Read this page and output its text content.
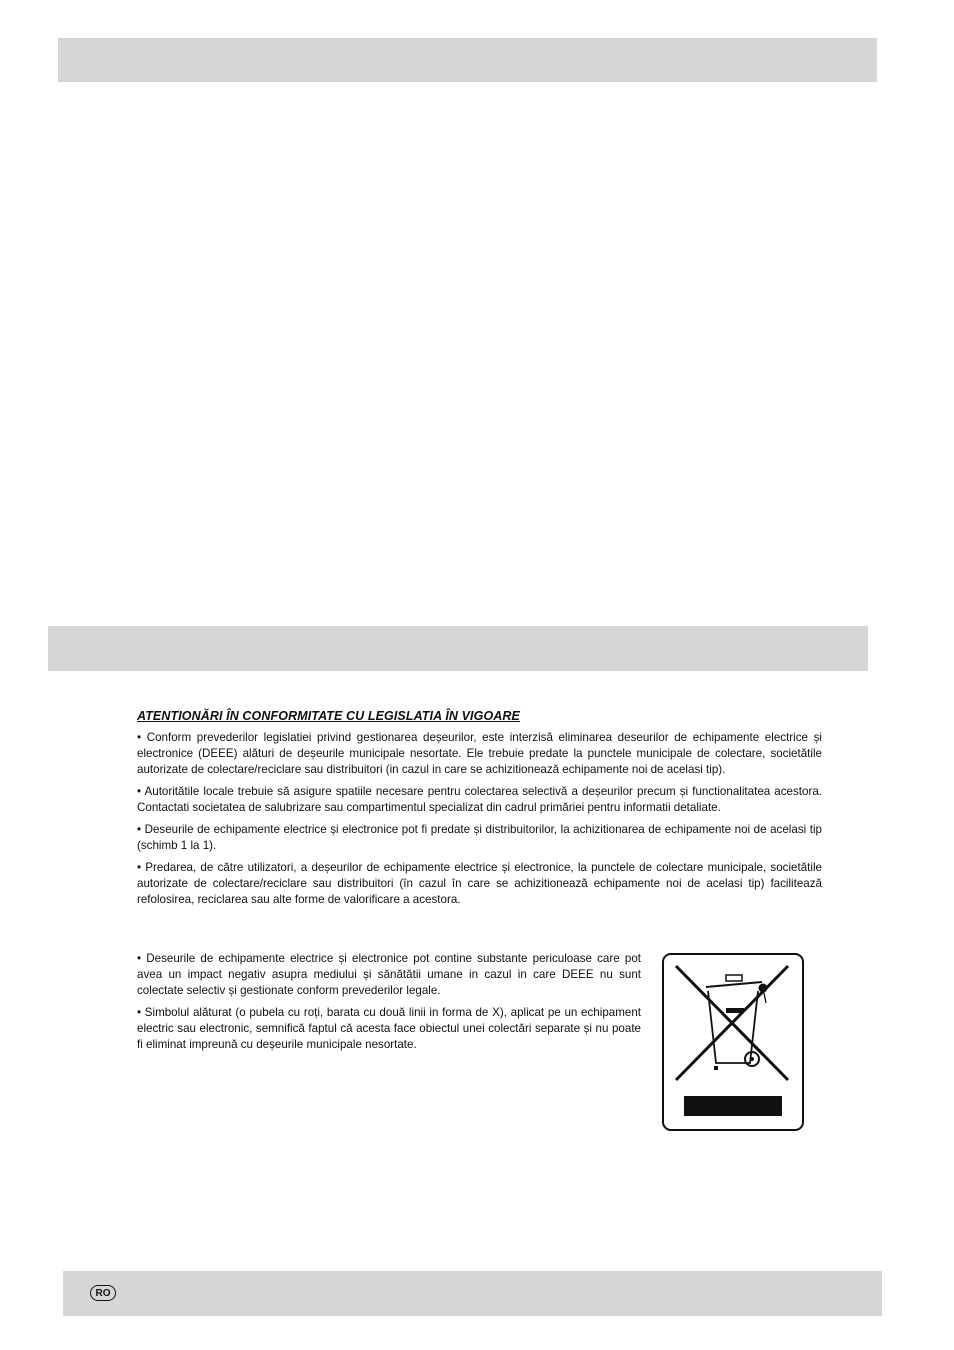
ATENTIONĂRI ÎN CONFORMITATE CU LEGISLATIA ÎN VIGOARE

• Conform prevederilor legislatiei privind gestionarea deșeurilor, este interzisă eliminarea deseurilor de echipamente electrice și electronice (DEEE) alături de deșeurile municipale nesortate. Ele trebuie predate la punctele municipale de colectare, societătile autorizate de colectare/reciclare sau distribuitori (in cazul in care se achizitionează echipamente noi de acelasi tip).

• Autoritătile locale trebuie să asigure spatiile necesare pentru colectarea selectivă a deșeurilor precum și functionalitatea acestora. Contactati societatea de salubrizare sau compartimentul specializat din cadrul primăriei pentru informatii detaliate.

• Deseurile de echipamente electrice și electronice pot fi predate și distribuitorilor, la achizitionarea de echipamente noi de acelasi tip (schimb 1 la 1).

• Predarea, de către utilizatori, a deșeurilor de echipamente electrice și electronice, la punctele de colectare municipale, societătile autorizate de colectare/reciclare sau distribuitori (în cazul în care se achizitionează echipamente noi de acelasi tip) facilitează refolosirea, reciclarea sau alte forme de valorificare a acestora.

• Deseurile de echipamente electrice și electronice pot contine substante periculoase care pot avea un impact negativ asupra mediului și sănătătii umane in cazul in care DEEE nu sunt colectate selectiv și gestionate conform prevederilor legale.

• Simbolul alăturat (o pubela cu roți, barata cu două linii in forma de X), aplicat pe un echipament electric sau electronic, semnifică faptul că acesta face obiectul unei colectări separate și nu poate fi eliminat impreună cu deșeurile municipale nesortate.

RO
